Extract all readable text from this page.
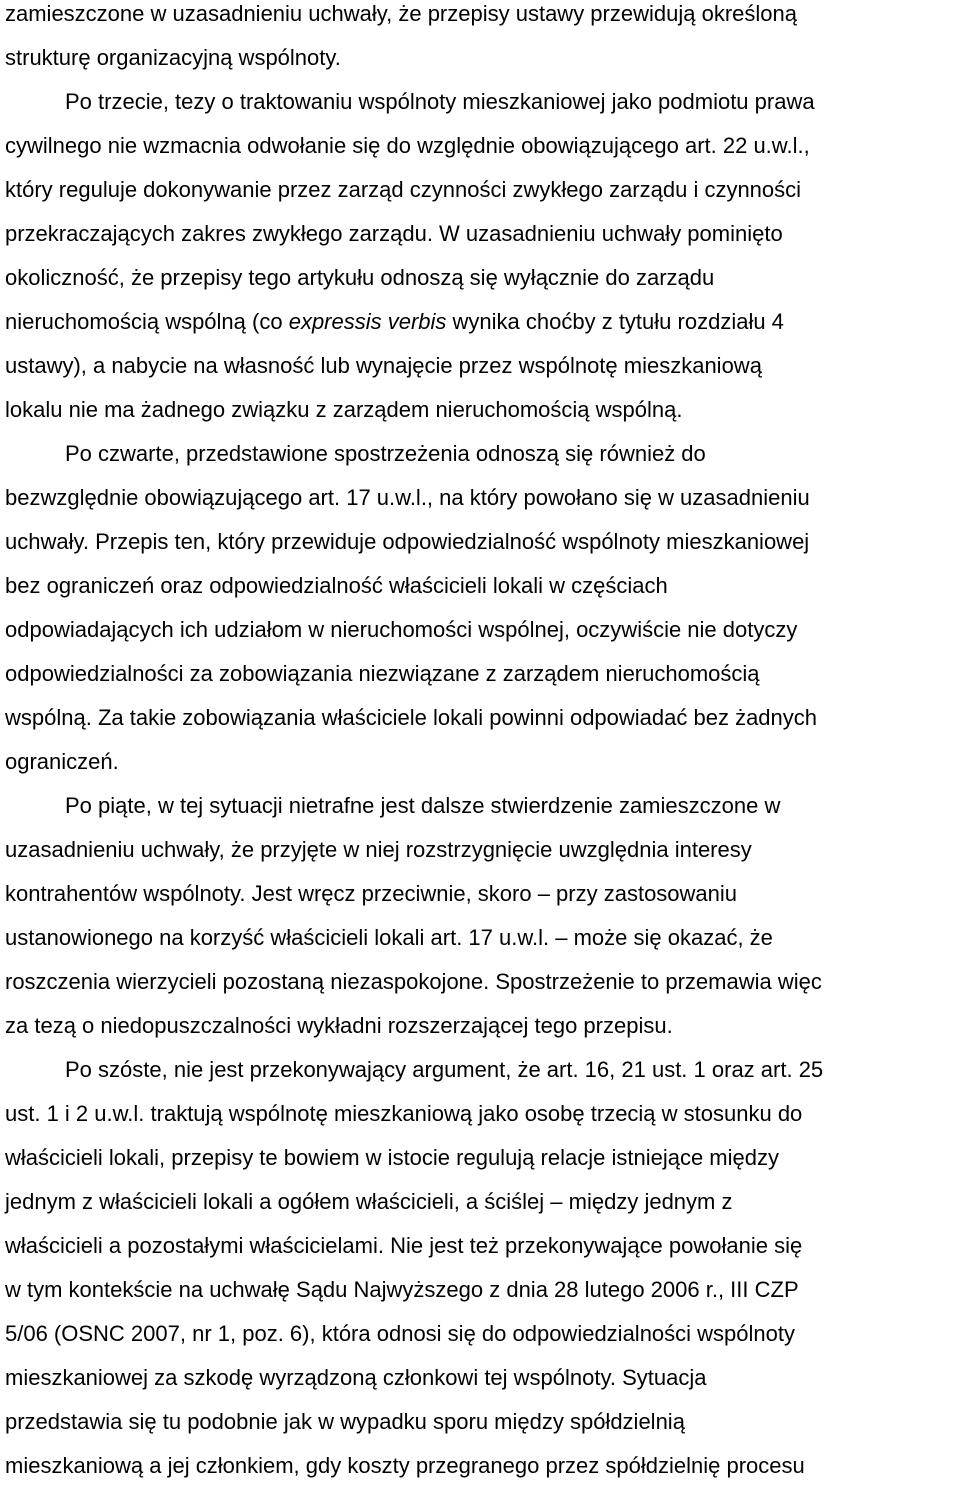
zamieszczone w uzasadnieniu uchwały, że przepisy ustawy przewidują określoną
strukturę organizacyjną wspólnoty.
Po trzecie, tezy o traktowaniu wspólnoty mieszkaniowej jako podmiotu prawa
cywilnego nie wzmacnia odwołanie się do względnie obowiązującego art. 22 u.w.l.,
który reguluje dokonywanie przez zarząd czynności zwykłego zarządu i czynności
przekraczających zakres zwykłego zarządu. W uzasadnieniu uchwały pominięto
okoliczność, że przepisy tego artykułu odnoszą się wyłącznie do zarządu
nieruchomością wspólną (co expressis verbis wynika choćby z tytułu rozdziału 4
ustawy), a nabycie na własność lub wynajęcie przez wspólnotę mieszkaniową
lokalu nie ma żadnego związku z zarządem nieruchomością wspólną.
Po czwarte, przedstawione spostrzeżenia odnoszą się również do
bezwzględnie obowiązującego art. 17 u.w.l., na który powołano się w uzasadnieniu
uchwały. Przepis ten, który przewiduje odpowiedzialność wspólnoty mieszkaniowej
bez ograniczeń oraz odpowiedzialność właścicieli lokali w częściach
odpowiadających ich udziałom w nieruchomości wspólnej, oczywiście nie dotyczy
odpowiedzialności za zobowiązania niezwiązane z zarządem nieruchomością
wspólną. Za takie zobowiązania właściciele lokali powinni odpowiadać bez żadnych
ograniczeń.
Po piąte, w tej sytuacji nietrafne jest dalsze stwierdzenie zamieszczone w
uzasadnieniu uchwały, że przyjęte w niej rozstrzygnięcie uwzględnia interesy
kontrahentów wspólnoty. Jest wręcz przeciwnie, skoro – przy zastosowaniu
ustanowionego na korzyść właścicieli lokali art. 17 u.w.l. – może się okazać, że
roszczenia wierzycieli pozostaną niezaspokojone. Spostrzeżenie to przemawia więc
za tezą o niedopuszczalności wykładni rozszerzającej tego przepisu.
Po szóste, nie jest przekonywający argument, że art. 16, 21 ust. 1 oraz art. 25
ust. 1 i 2 u.w.l. traktują wspólnotę mieszkaniową jako osobę trzecią w stosunku do
właścicieli lokali, przepisy te bowiem w istocie regulują relacje istniejące między
jednym z właścicieli lokali a ogółem właścicieli, a ściślej – między jednym z
właścicieli a pozostałymi właścicielami. Nie jest też przekonywające powołanie się
w tym kontekście na uchwałę Sądu Najwyższego z dnia 28 lutego 2006 r., III CZP
5/06 (OSNC 2007, nr 1, poz. 6), która odnosi się do odpowiedzialności wspólnoty
mieszkaniowej za szkodę wyrządzoną członkowi tej wspólnoty. Sytuacja
przedstawia się tu podobnie jak w wypadku sporu między spółdzielnią
mieszkaniową a jej członkiem, gdy koszty przegranego przez spółdzielnię procesu
